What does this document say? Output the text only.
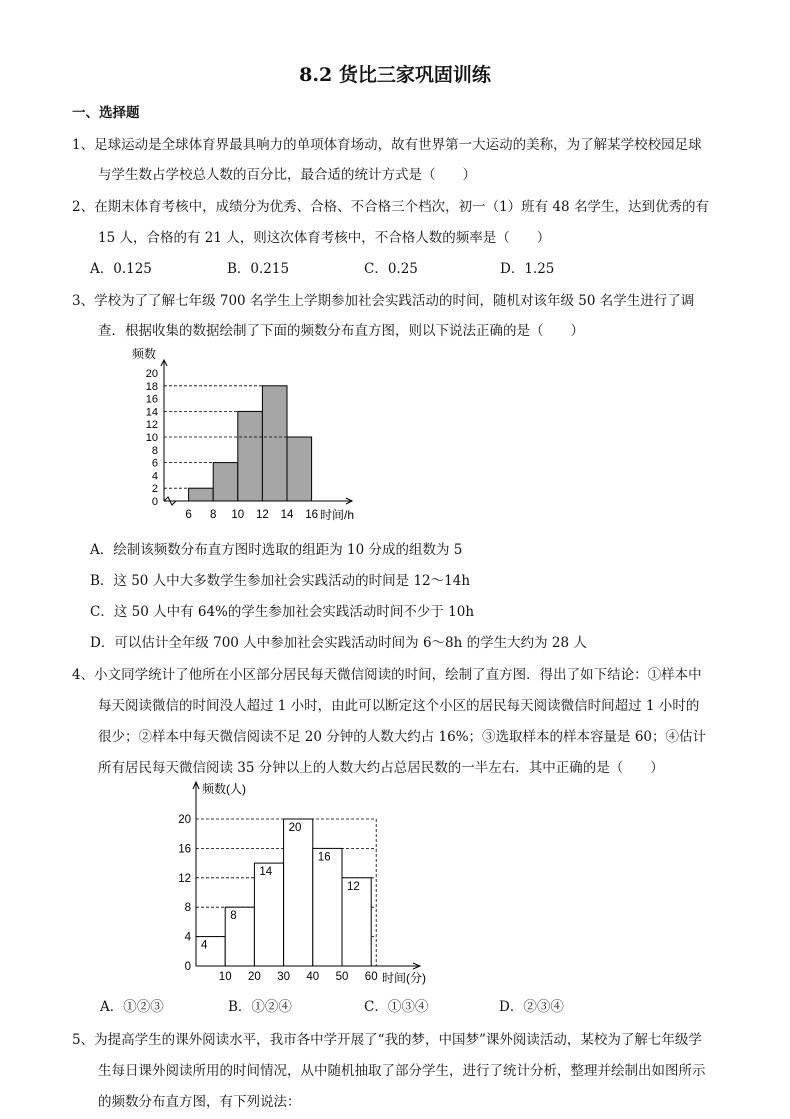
8.2 货比三家巩固训练
一、选择题
1、足球运动是全球体育界最具响力的单项体育场动，故有世界第一大运动的美称，为了解某学校校园足球
与学生数占学校总人数的百分比，最合适的统计方式是（　　）
2、在期末体育考核中，成绩分为优秀、合格、不合格三个档次，初一（1）班有 48 名学生，达到优秀的有
15 人，合格的有 21 人，则这次体育考核中，不合格人数的频率是（　　）
A．0.125	B．0.215	C．0.25	D．1.25
3、学校为了了解七年级 700 名学生上学期参加社会实践活动的时间，随机对该年级 50 名学生进行了调
查．根据收集的数据绘制了下面的频数分布直方图，则以下说法正确的是（　　）
频数
0
2
4
6
8
10
12
14
16
18
20
6 8 10 12 14 16 时间/h
A．绘制该频数分布直方图时选取的组距为 10 分成的组数为 5
B．这 50 人中大多数学生参加社会实践活动的时间是 12～14h
C．这 50 人中有 64%的学生参加社会实践活动时间不少于 10h
D．可以估计全年级 700 人中参加社会实践活动时间为 6～8h 的学生大约为 28 人
4、小文同学统计了他所在小区部分居民每天微信阅读的时间，绘制了直方图．得出了如下结论：①样本中
每天阅读微信的时间没人超过 1 小时，由此可以断定这个小区的居民每天阅读微信时间超过 1 小时的
很少；②样本中每天微信阅读不足 20 分钟的人数大约占 16%；③选取样本的样本容量是 60；④估计
所有居民每天微信阅读 35 分钟以上的人数大约占总居民数的一半左右．其中正确的是（　　）
频数(人)
4
8
12
16
20
0
4
8
14
20
16
12
10 20 30 40 50 60 时间(分)
A．①②③	B．①②④	C．①③④	D．②③④
5、为提高学生的课外阅读水平，我市各中学开展了“我的梦，中国梦”课外阅读活动，某校为了解七年级学
生每日课外阅读所用的时间情况，从中随机抽取了部分学生，进行了统计分析，整理并绘制出如图所示
的频数分布直方图，有下列说法：
